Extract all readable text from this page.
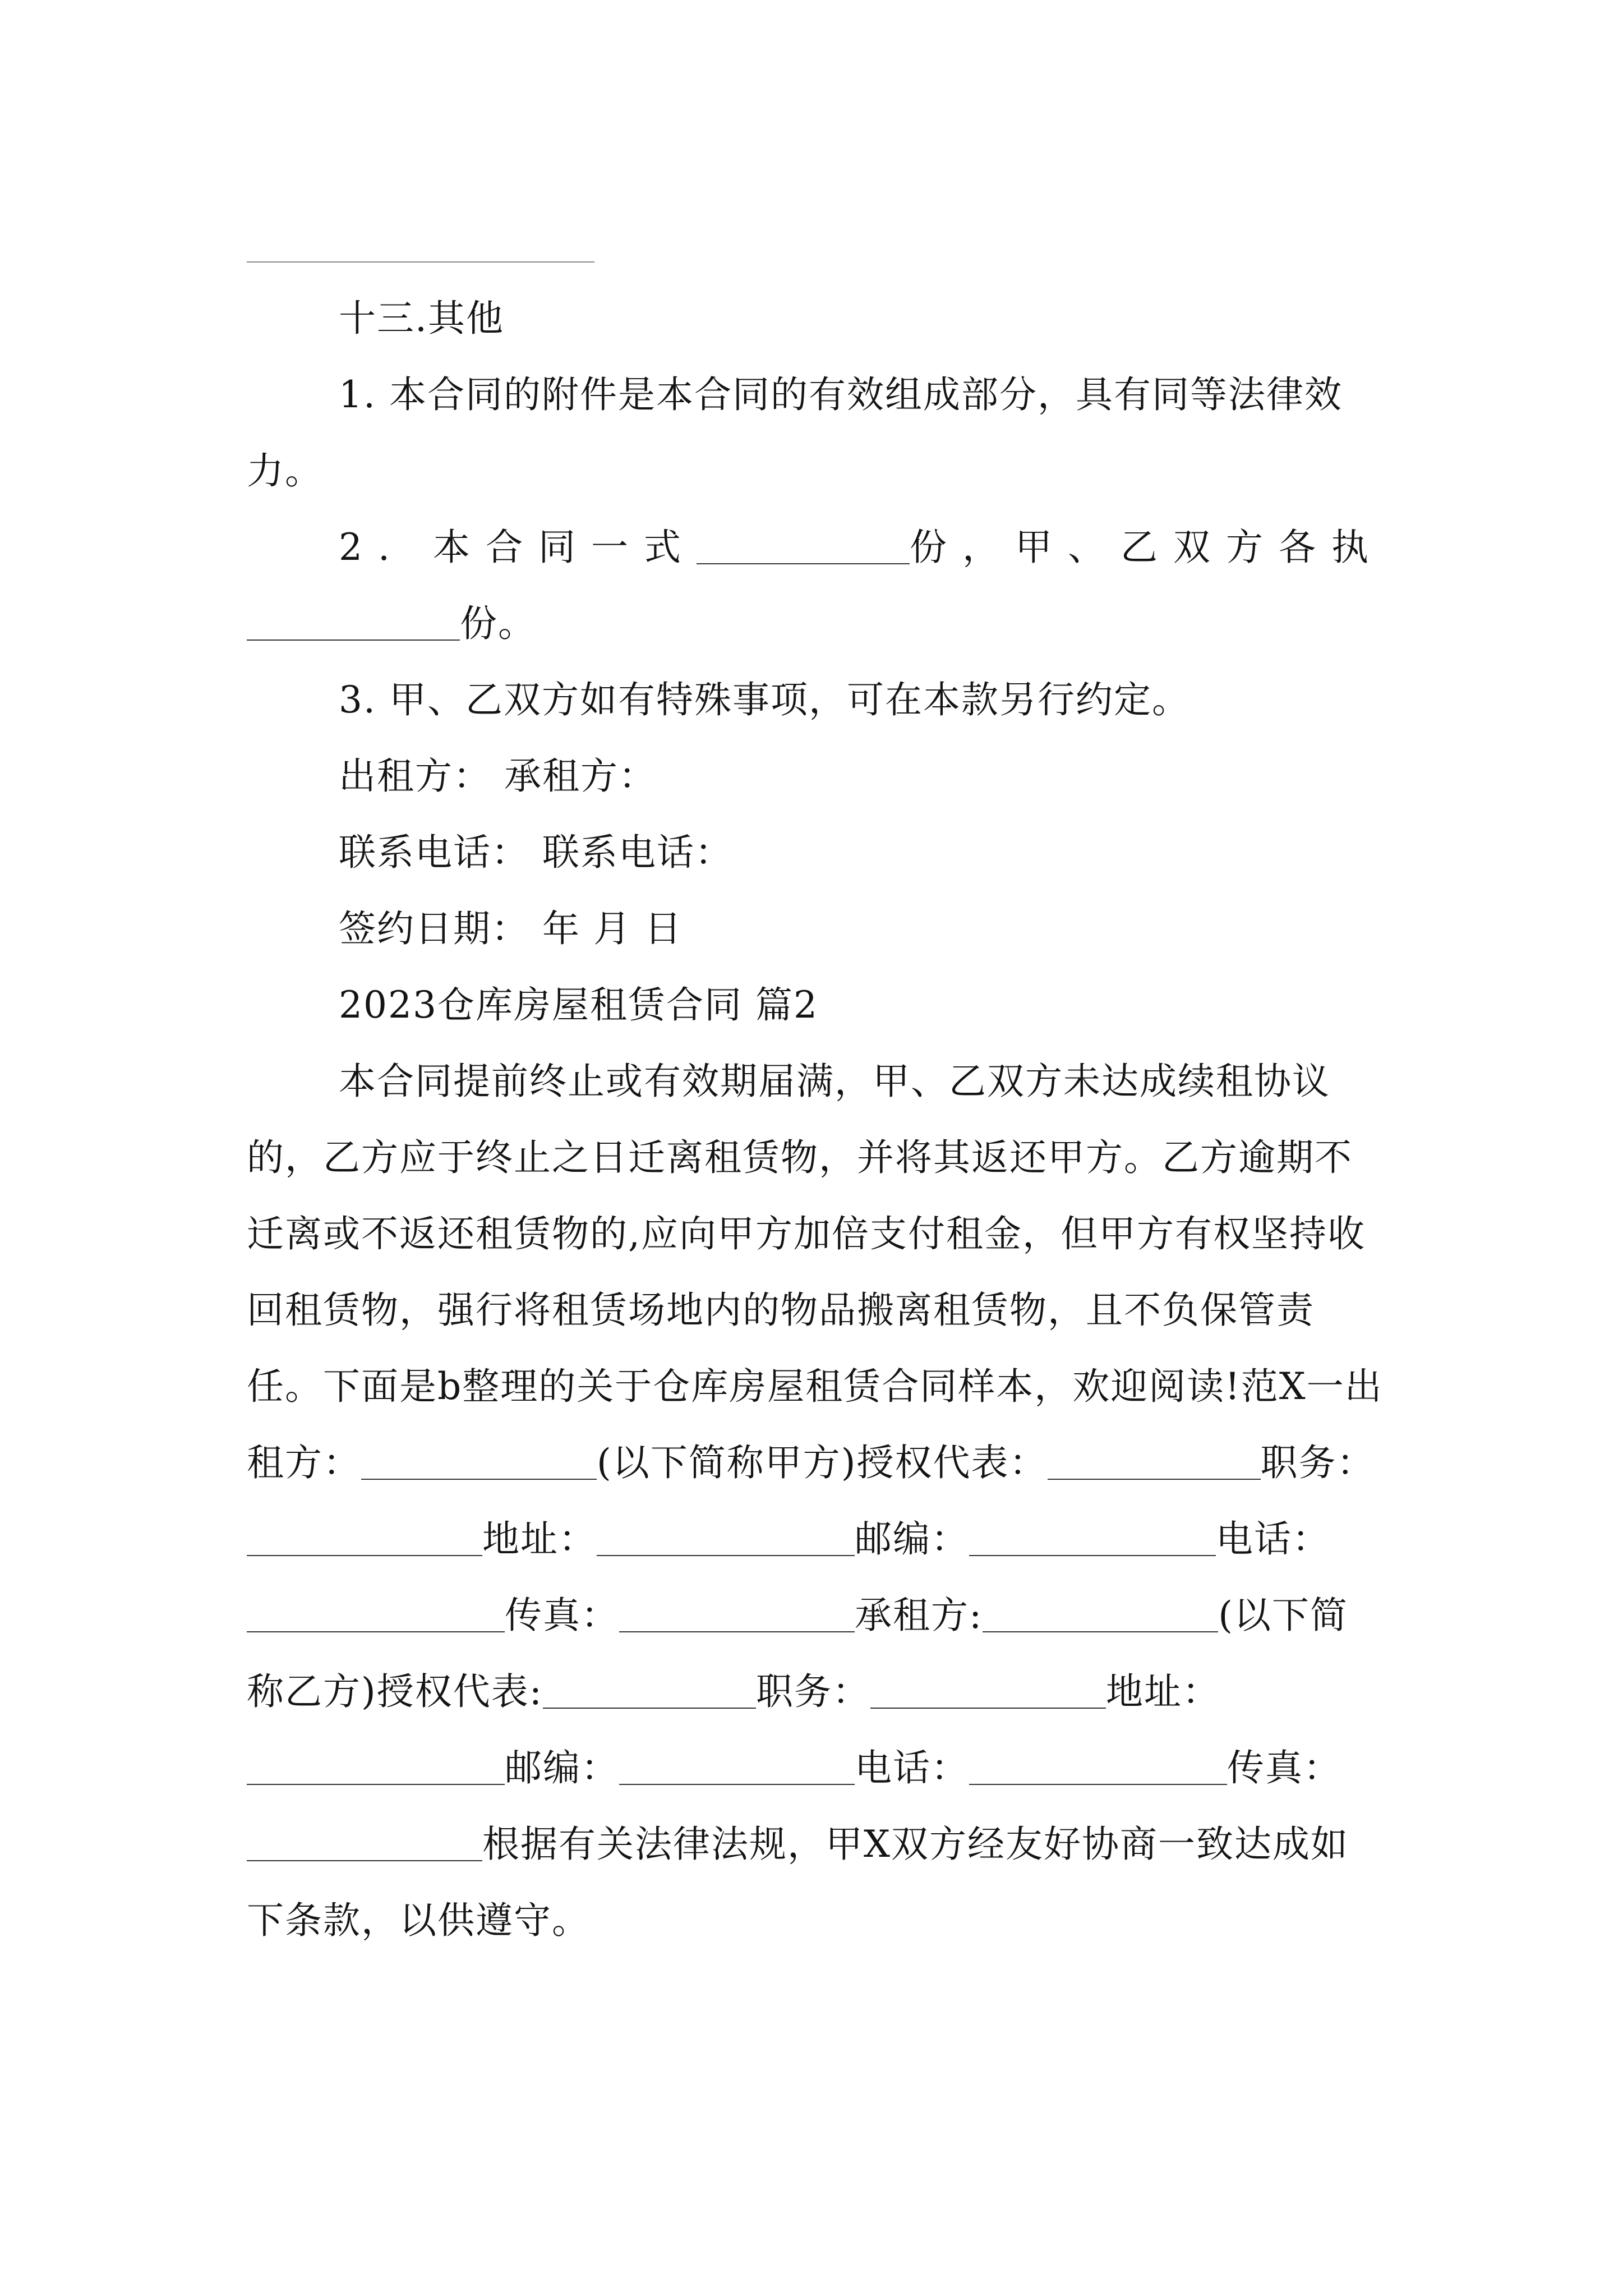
十三.其他

1. 本合同的附件是本合同的有效组成部分，具有同等法律效力。

2. 本合同一式	份，甲、乙双方各执份。

3. 甲、乙双方如有特殊事项，可在本款另行约定。

出租方： 承租方：

联系电话： 联系电话：

签约日期： 年 月 日

2023仓库房屋租赁合同 篇2

本合同提前终止或有效期届满，甲、乙双方未达成续租协议的，乙方应于终止之日迁离租赁物，并将其返还甲方。乙方逾期不迁离或不返还租赁物的,应向甲方加倍支付租金，但甲方有权坚持收回租赁物，强行将租赁场地内的物品搬离租赁物，且不负保管责任。下面是b整理的关于仓库房屋租赁合同样本，欢迎阅读!范X一出租方：	(以下简称甲方)授权代表：	职务：地址：	邮编：	电话：传真：	承租方:	(以下简称乙方)授权代表:	职务：	地址：邮编：	电话：	传真：根据有关法律法规，甲X双方经友好协商一致达成如下条款，以供遵守。
